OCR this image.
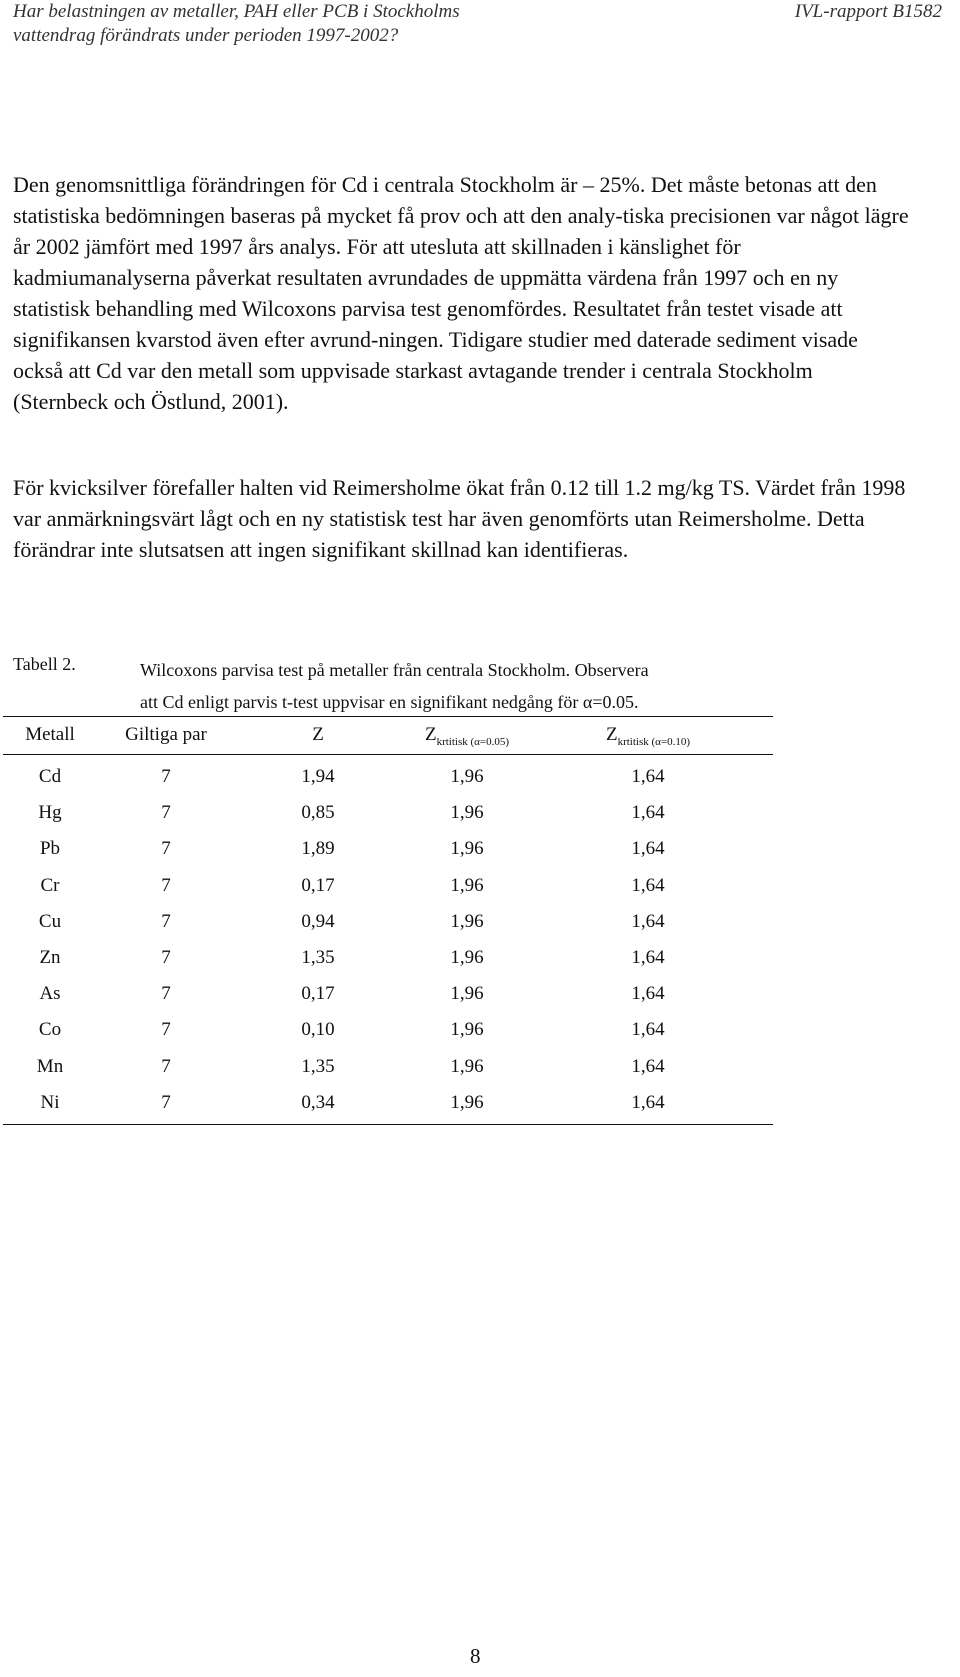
Har belastningen av metaller, PAH eller PCB i Stockholms
vattendrag förändrats under perioden 1997-2002?
IVL-rapport B1582

Den genomsnittliga förändringen för Cd i centrala Stockholm är – 25%. Det måste betonas att den statistiska bedömningen baseras på mycket få prov och att den analy-tiska precisionen var något lägre år 2002 jämfört med 1997 års analys. För att utesluta att skillnaden i känslighet för kadmiumanalyserna påverkat resultaten avrundades de uppmätta värdena från 1997 och en ny statistisk behandling med Wilcoxons parvisa test genomfördes. Resultatet från testet visade att signifikansen kvarstod även efter avrund-ningen. Tidigare studier med daterade sediment visade också att Cd var den metall som uppvisade starkast avtagande trender i centrala Stockholm (Sternbeck och Östlund, 2001).

För kvicksilver förefaller halten vid Reimersholme ökat från 0.12 till 1.2 mg/kg TS. Värdet från 1998 var anmärkningsvärt lågt och en ny statistisk test har även genomförts utan Reimersholme. Detta förändrar inte slutsatsen att ingen signifikant skillnad kan identifieras.

Tabell 2.	Wilcoxons parvisa test på metaller från centrala Stockholm. Observera
att Cd enligt parvis t-test uppvisar en signifikant nedgång för α=0.05.
Metall	Giltiga par	Z	$Z_{krtitisk (\alpha=0.05)}$	$Z_{krtitisk (\alpha=0.10)}$
Cd	7	1,94	1,96	1,64
Hg	7	0,85	1,96	1,64
Pb	7	1,89	1,96	1,64
Cr	7	0,17	1,96	1,64
Cu	7	0,94	1,96	1,64
Zn	7	1,35	1,96	1,64
As	7	0,17	1,96	1,64
Co	7	0,10	1,96	1,64
Mn	7	1,35	1,96	1,64
Ni	7	0,34	1,96	1,64
8
